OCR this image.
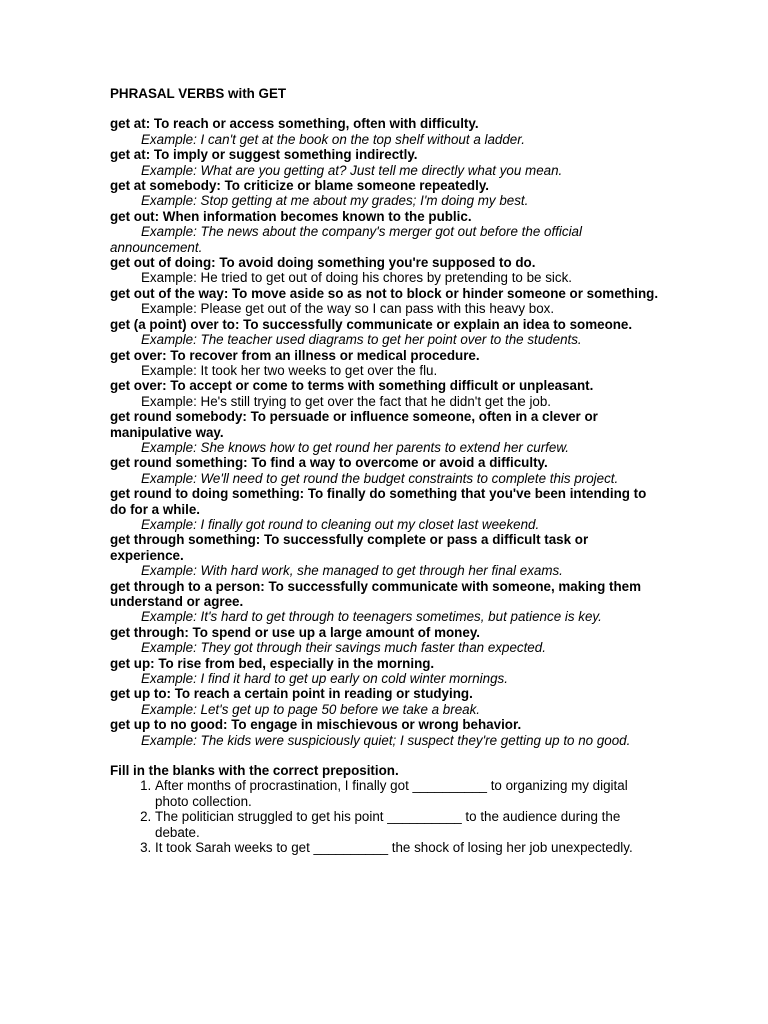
PHRASAL VERBS with GET
get at: To reach or access something, often with difficulty.
Example: I can't get at the book on the top shelf without a ladder.
get at: To imply or suggest something indirectly.
Example: What are you getting at? Just tell me directly what you mean.
get at somebody: To criticize or blame someone repeatedly.
Example: Stop getting at me about my grades; I'm doing my best.
get out: When information becomes known to the public.
Example: The news about the company's merger got out before the official announcement.
get out of doing: To avoid doing something you're supposed to do.
Example: He tried to get out of doing his chores by pretending to be sick.
get out of the way: To move aside so as not to block or hinder someone or something.
Example: Please get out of the way so I can pass with this heavy box.
get (a point) over to: To successfully communicate or explain an idea to someone.
Example: The teacher used diagrams to get her point over to the students.
get over: To recover from an illness or medical procedure.
Example: It took her two weeks to get over the flu.
get over: To accept or come to terms with something difficult or unpleasant.
Example: He's still trying to get over the fact that he didn't get the job.
get round somebody: To persuade or influence someone, often in a clever or manipulative way.
Example: She knows how to get round her parents to extend her curfew.
get round something: To find a way to overcome or avoid a difficulty.
Example: We'll need to get round the budget constraints to complete this project.
get round to doing something: To finally do something that you've been intending to do for a while.
Example: I finally got round to cleaning out my closet last weekend.
get through something: To successfully complete or pass a difficult task or experience.
Example: With hard work, she managed to get through her final exams.
get through to a person: To successfully communicate with someone, making them understand or agree.
Example: It's hard to get through to teenagers sometimes, but patience is key.
get through: To spend or use up a large amount of money.
Example: They got through their savings much faster than expected.
get up: To rise from bed, especially in the morning.
Example: I find it hard to get up early on cold winter mornings.
get up to: To reach a certain point in reading or studying.
Example: Let's get up to page 50 before we take a break.
get up to no good: To engage in mischievous or wrong behavior.
Example: The kids were suspiciously quiet; I suspect they're getting up to no good.
Fill in the blanks with the correct preposition.
1. After months of procrastination, I finally got __________ to organizing my digital photo collection.
2. The politician struggled to get his point __________ to the audience during the debate.
3. It took Sarah weeks to get __________ the shock of losing her job unexpectedly.
